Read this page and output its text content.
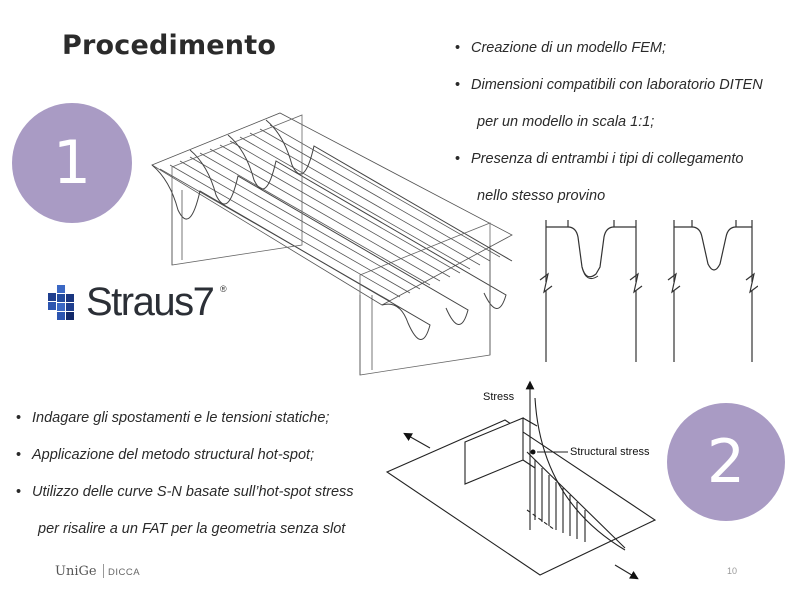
Procedimento
1
2
• Creazione di un modello FEM;
• Dimensioni compatibili con laboratorio DITEN
per un modello in scala 1:1;
• Presenza di entrambi i tipi di collegamento
nello stesso provino
• Indagare gli spostamenti e le tensioni statiche;
• Applicazione del metodo structural hot-spot;
• Utilizzo delle curve S-N basate sull’hot-spot stress
per risalire a un FAT per la geometria senza slot
Straus7 ®
Stress
Structural stress
UniGe DICCA	10
